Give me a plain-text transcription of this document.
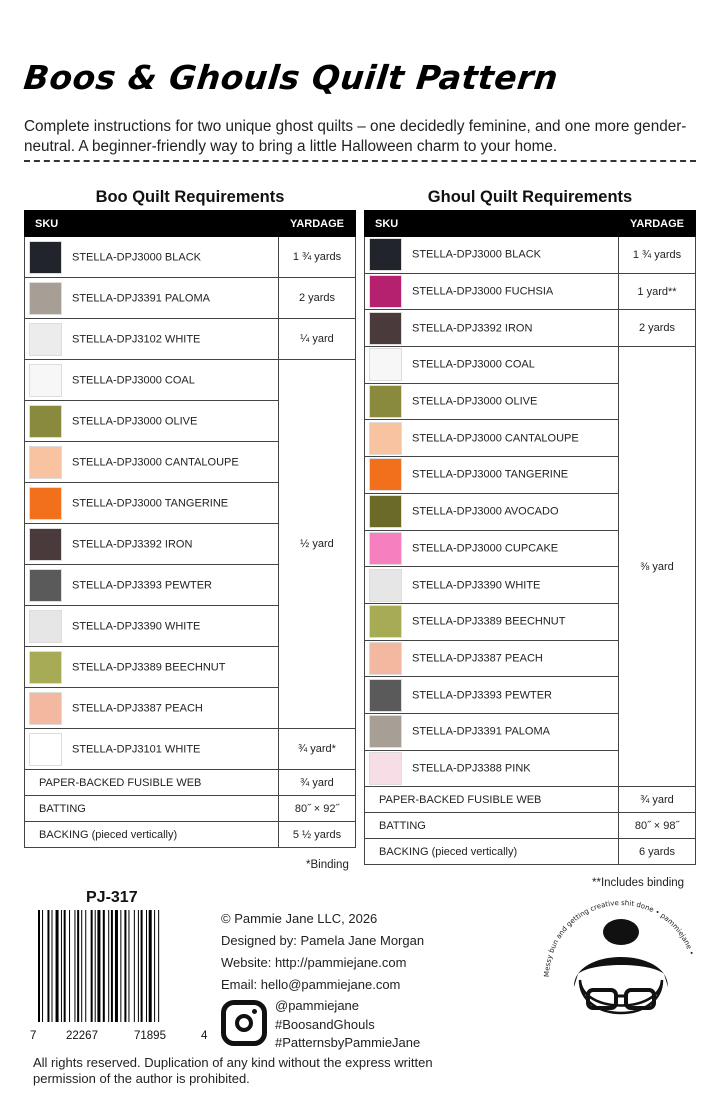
Boos & Ghouls Quilt Pattern
Complete instructions for two unique ghost quilts – one decidedly feminine, and one more gender-neutral. A beginner-friendly way to bring a little Halloween charm to your home.
Boo Quilt Requirements
SKU	YARDAGE
STELLA-DPJ3000 BLACK	1 ¾ yards
STELLA-DPJ3391 PALOMA	2 yards
STELLA-DPJ3102 WHITE	¼ yard
STELLA-DPJ3000 COAL	½ yard
STELLA-DPJ3000 OLIVE	
STELLA-DPJ3000 CANTALOUPE	
STELLA-DPJ3000 TANGERINE	
STELLA-DPJ3392 IRON	
STELLA-DPJ3393 PEWTER	
STELLA-DPJ3390 WHITE	
STELLA-DPJ3389 BEECHNUT	
STELLA-DPJ3387 PEACH	
STELLA-DPJ3101 WHITE	¾ yard*
PAPER-BACKED FUSIBLE WEB	¾ yard
BATTING	80˝ × 92˝
BACKING (pieced vertically)	5 ½ yards
*Binding
Ghoul Quilt Requirements
SKU	YARDAGE
STELLA-DPJ3000 BLACK	1 ¾ yards
STELLA-DPJ3000 FUCHSIA	1 yard**
STELLA-DPJ3392 IRON	2 yards
STELLA-DPJ3000 COAL	⅜ yard
STELLA-DPJ3000 OLIVE	
STELLA-DPJ3000 CANTALOUPE	
STELLA-DPJ3000 TANGERINE	
STELLA-DPJ3000 AVOCADO	
STELLA-DPJ3000 CUPCAKE	
STELLA-DPJ3390 WHITE	
STELLA-DPJ3389 BEECHNUT	
STELLA-DPJ3387 PEACH	
STELLA-DPJ3393 PEWTER	
STELLA-DPJ3391 PALOMA	
STELLA-DPJ3388 PINK	
PAPER-BACKED FUSIBLE WEB	¾ yard
BATTING	80˝ × 98˝
BACKING (pieced vertically)	6 yards
**Includes binding
PJ-317
7	22267	71895	4
© Pammie Jane LLC, 2026
Designed by: Pamela Jane Morgan
Website: http://pammiejane.com
Email: hello@pammiejane.com
@pammiejane
#BoosandGhouls
#PatternsbyPammieJane
All rights reserved. Duplication of any kind without the express written permission of the author is prohibited.
Messy bun and getting creative shit done • pammiejane •
